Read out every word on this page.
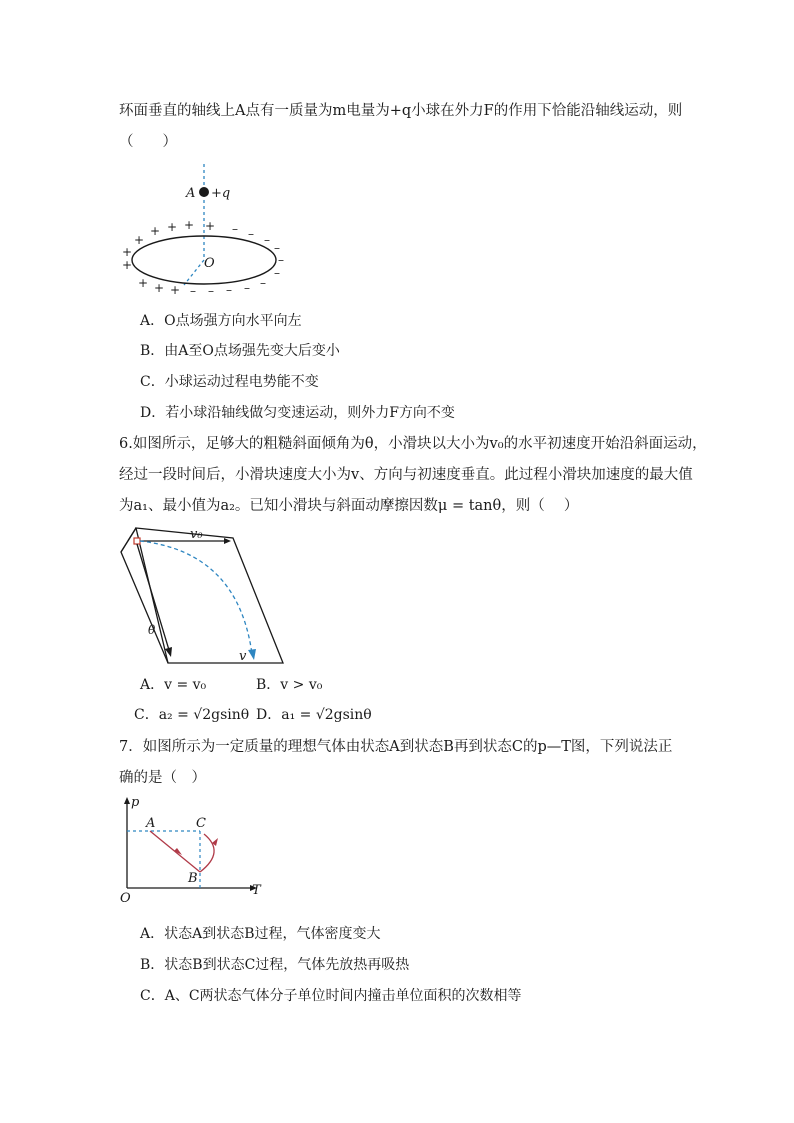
环面垂直的轴线上A点有一质量为m电量为+q小球在外力F的作用下恰能沿轴线运动，则
（　　）
A +q
O
+
+
+
+ + + +
+ + +
– – –
–
–
–
–
–
–
–
–
A．O点场强方向水平向左
B．由A至O点场强先变大后变小
C．小球运动过程电势能不变
D．若小球沿轴线做匀变速运动，则外力F方向不变
6.如图所示，足够大的粗糙斜面倾角为θ，小滑块以大小为v₀的水平初速度开始沿斜面运动，
经过一段时间后，小滑块速度大小为v、方向与初速度垂直。此过程小滑块加速度的最大值
为a₁、最小值为a₂。已知小滑块与斜面动摩擦因数μ = tanθ，则（　 ）
v₀
θ
v
A．v = v₀	B．v > v₀
C．a₂ = √2gsinθ D．a₁ = √2gsinθ
7．如图所示为一定质量的理想气体由状态A到状态B再到状态C的p—T图，下列说法正
确的是（　）
p
T
O
A	C
B
A．状态A到状态B过程，气体密度变大
B．状态B到状态C过程，气体先放热再吸热
C．A、C两状态气体分子单位时间内撞击单位面积的次数相等
